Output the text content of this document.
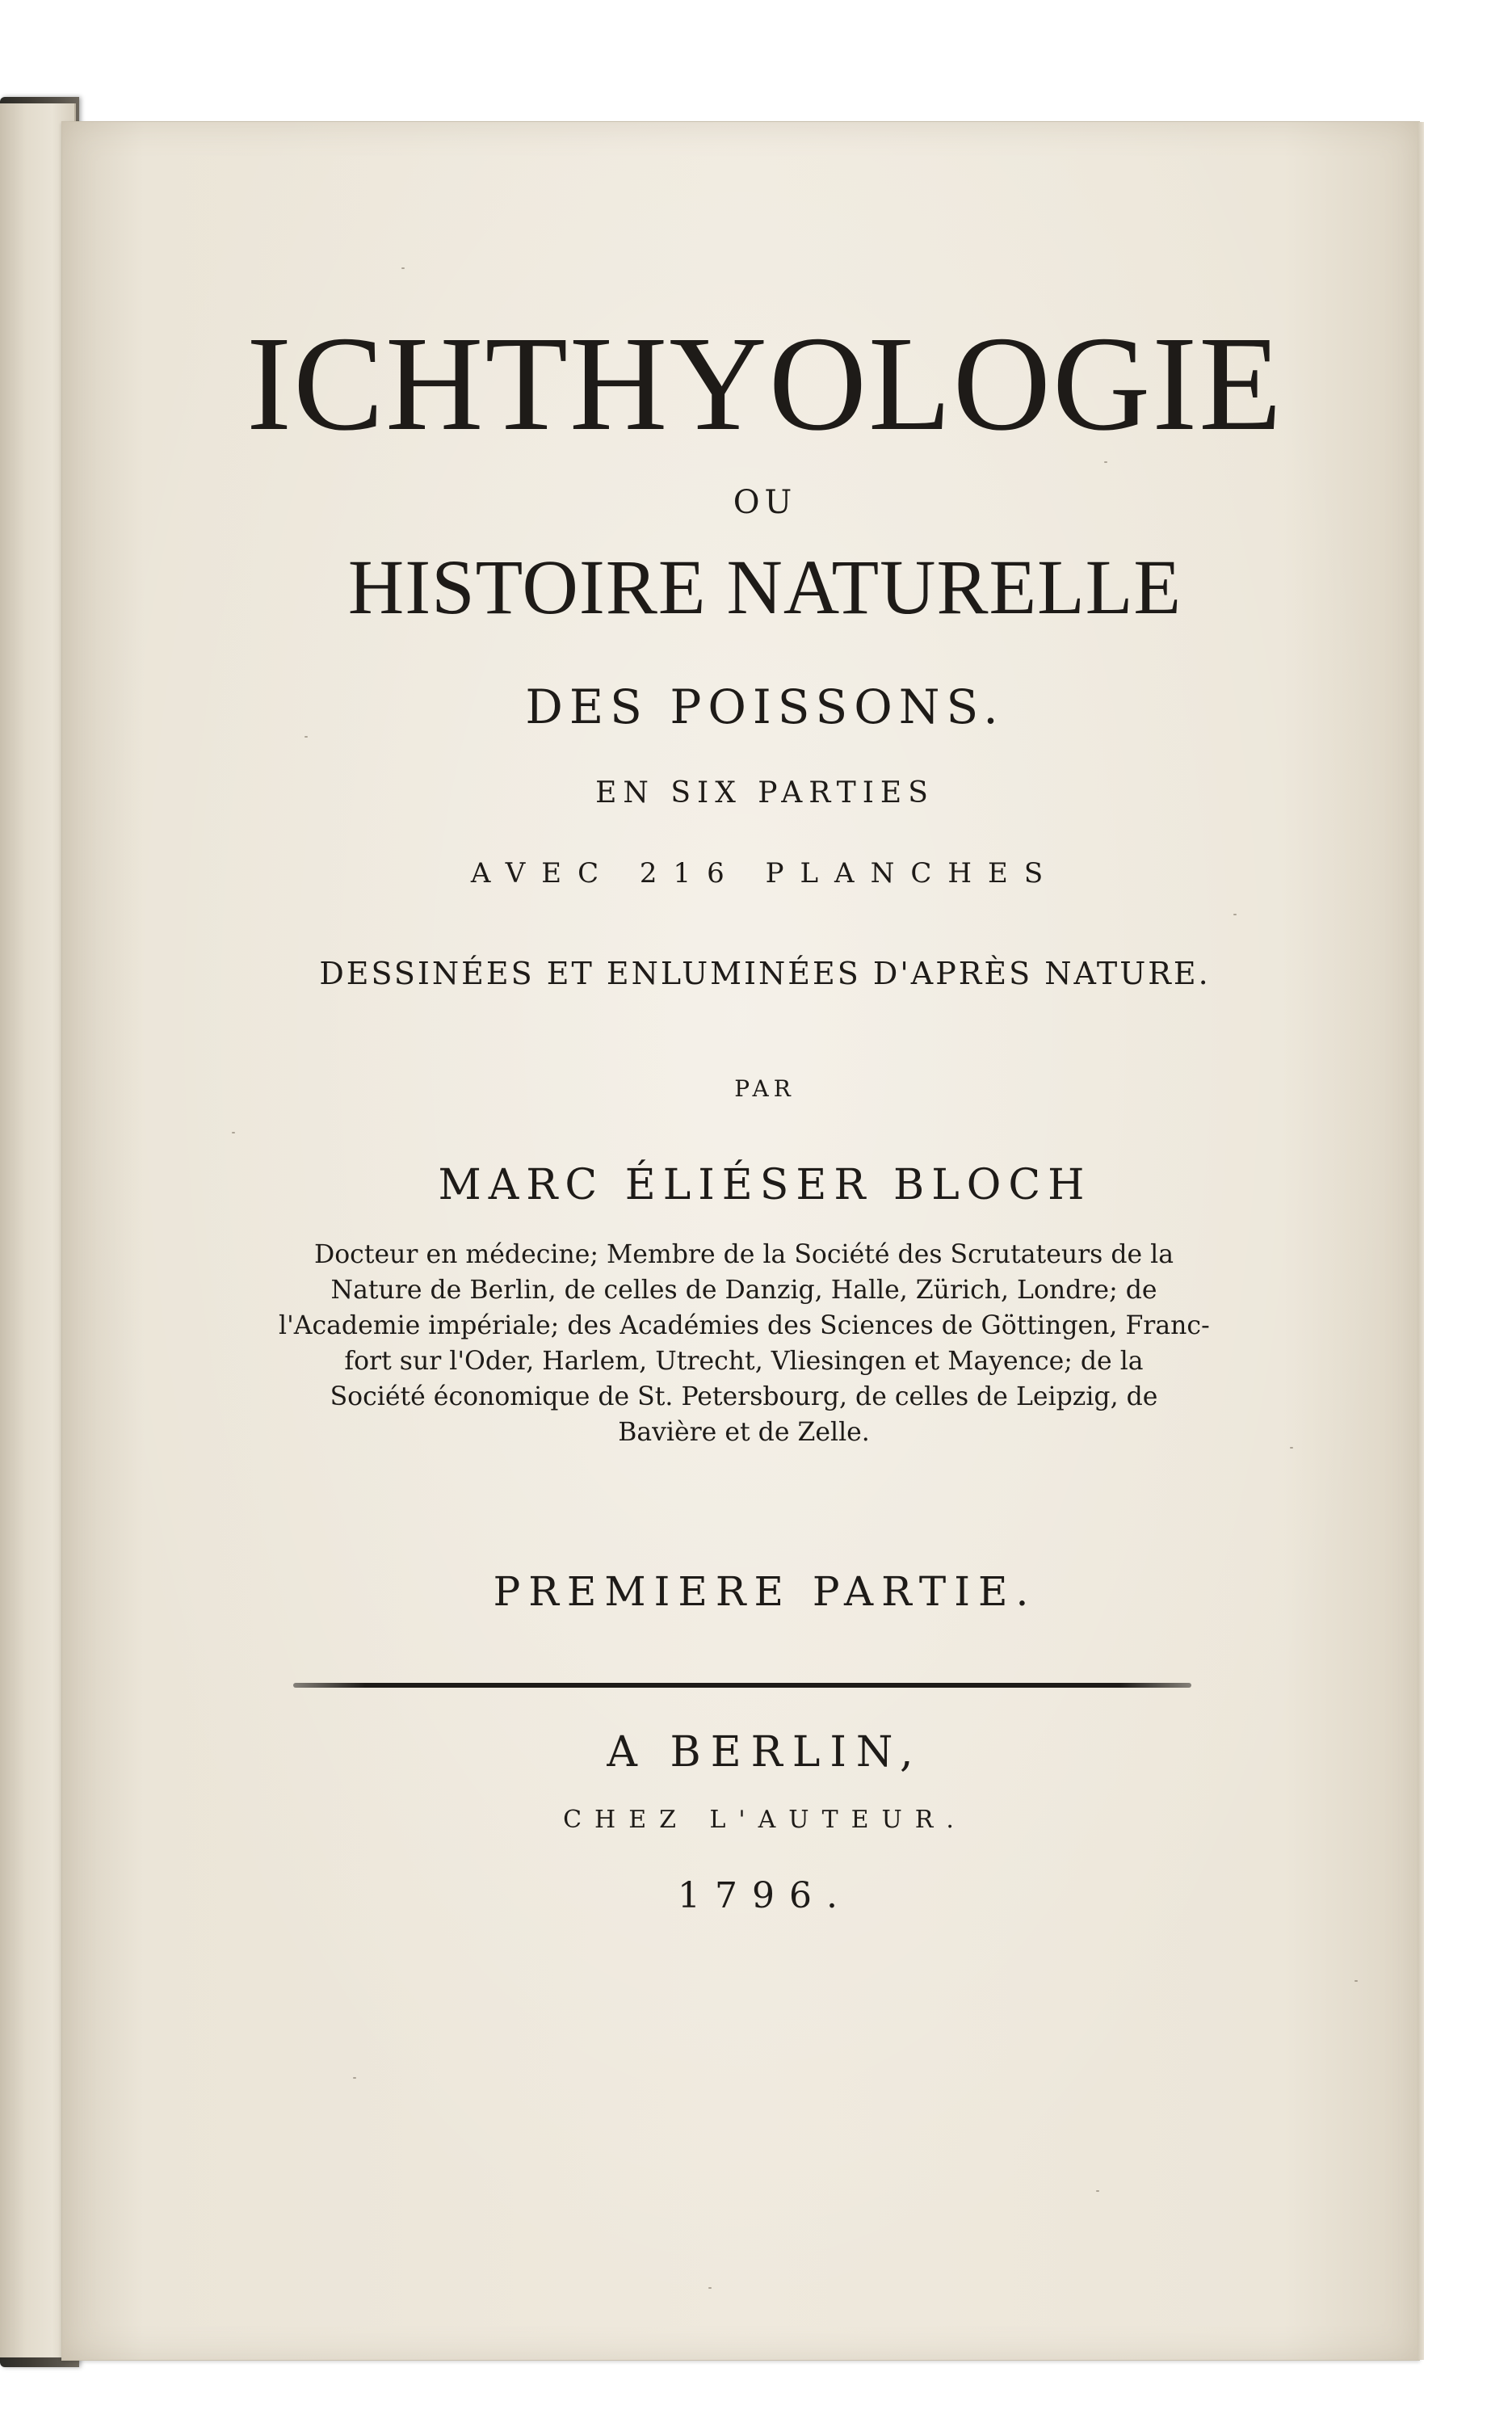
ICHTHYOLOGIE
OU
HISTOIRE NATURELLE
DES POISSONS.
EN SIX PARTIES
AVEC 216 PLANCHES
DESSINÉES ET ENLUMINÉES D'APRÈS NATURE.
PAR
MARC ÉLIÉSER BLOCH
Docteur en médecine; Membre de la Société des Scrutateurs de la
Nature de Berlin, de celles de Danzig, Halle, Zürich, Londre; de
l'Academie impériale; des Académies des Sciences de Göttingen, Franc-
fort sur l'Oder, Harlem, Utrecht, Vliesingen et Mayence; de la
Société économique de St. Petersbourg, de celles de Leipzig, de
Bavière et de Zelle.
PREMIERE PARTIE.
A BERLIN,
CHEZ L'AUTEUR.
1796.
